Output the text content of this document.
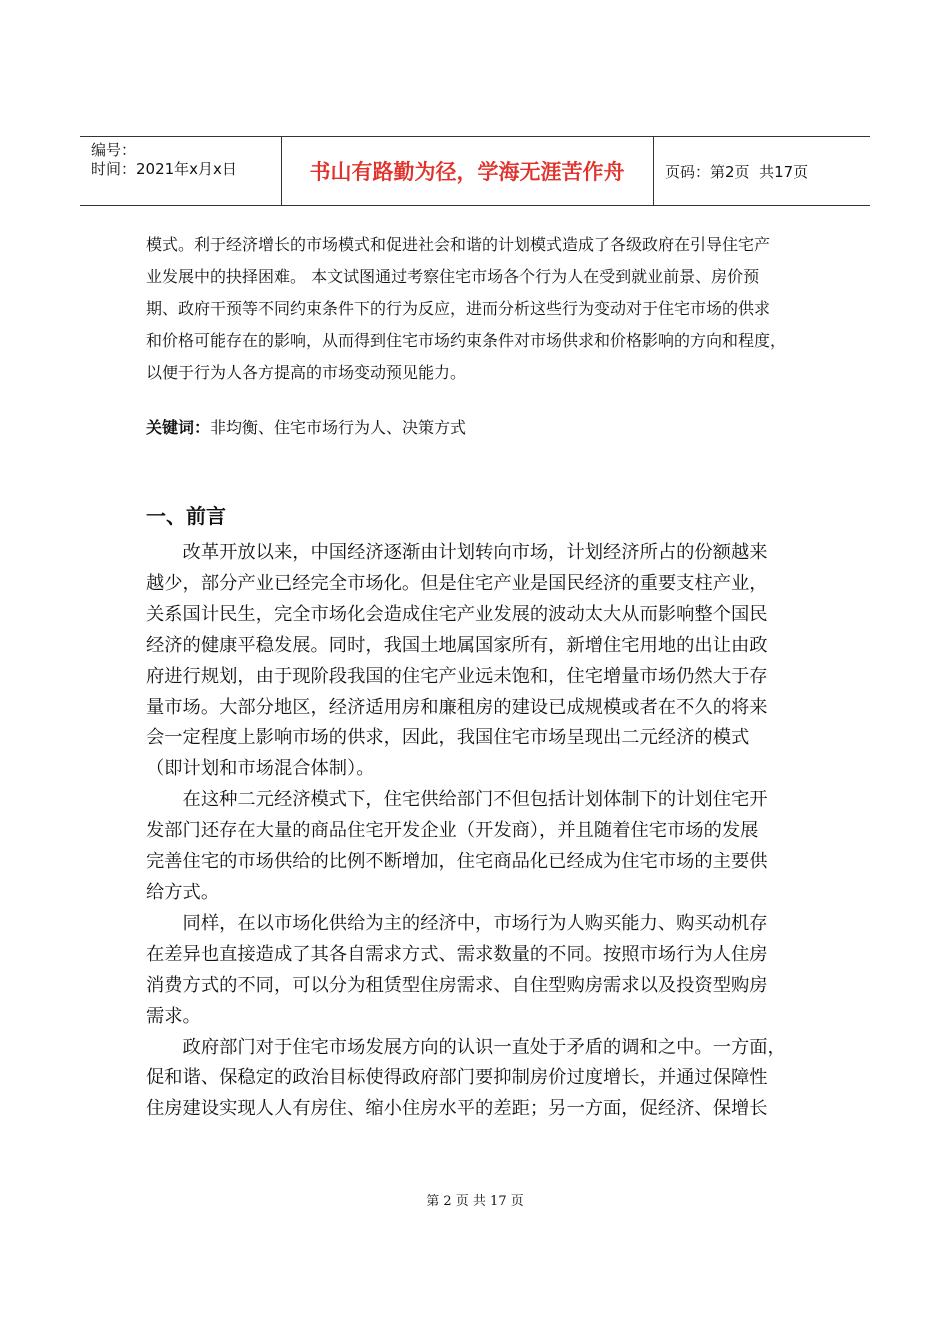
编号：
时间：2021年x月x日	书山有路勤为径，学海无涯苦作舟	页码：第2页  共17页
模式。利于经济增长的市场模式和促进社会和谐的计划模式造成了各级政府在引导住宅产
业发展中的抉择困难。 本文试图通过考察住宅市场各个行为人在受到就业前景、房价预
期、政府干预等不同约束条件下的行为反应，进而分析这些行为变动对于住宅市场的供求
和价格可能存在的影响，从而得到住宅市场约束条件对市场供求和价格影响的方向和程度，
以便于行为人各方提高的市场变动预见能力。
关键词：非均衡、住宅市场行为人、决策方式
一、前言
　　改革开放以来，中国经济逐渐由计划转向市场，计划经济所占的份额越来
越少，部分产业已经完全市场化。但是住宅产业是国民经济的重要支柱产业，
关系国计民生，完全市场化会造成住宅产业发展的波动太大从而影响整个国民
经济的健康平稳发展。同时，我国土地属国家所有，新增住宅用地的出让由政
府进行规划，由于现阶段我国的住宅产业远未饱和，住宅增量市场仍然大于存
量市场。大部分地区，经济适用房和廉租房的建设已成规模或者在不久的将来
会一定程度上影响市场的供求，因此，我国住宅市场呈现出二元经济的模式
（即计划和市场混合体制）。
　　在这种二元经济模式下，住宅供给部门不但包括计划体制下的计划住宅开
发部门还存在大量的商品住宅开发企业（开发商），并且随着住宅市场的发展
完善住宅的市场供给的比例不断增加，住宅商品化已经成为住宅市场的主要供
给方式。
　　同样，在以市场化供给为主的经济中，市场行为人购买能力、购买动机存
在差异也直接造成了其各自需求方式、需求数量的不同。按照市场行为人住房
消费方式的不同，可以分为租赁型住房需求、自住型购房需求以及投资型购房
需求。
　　政府部门对于住宅市场发展方向的认识一直处于矛盾的调和之中。一方面，
促和谐、保稳定的政治目标使得政府部门要抑制房价过度增长，并通过保障性
住房建设实现人人有房住、缩小住房水平的差距；另一方面，促经济、保增长
第 2 页 共 17 页
